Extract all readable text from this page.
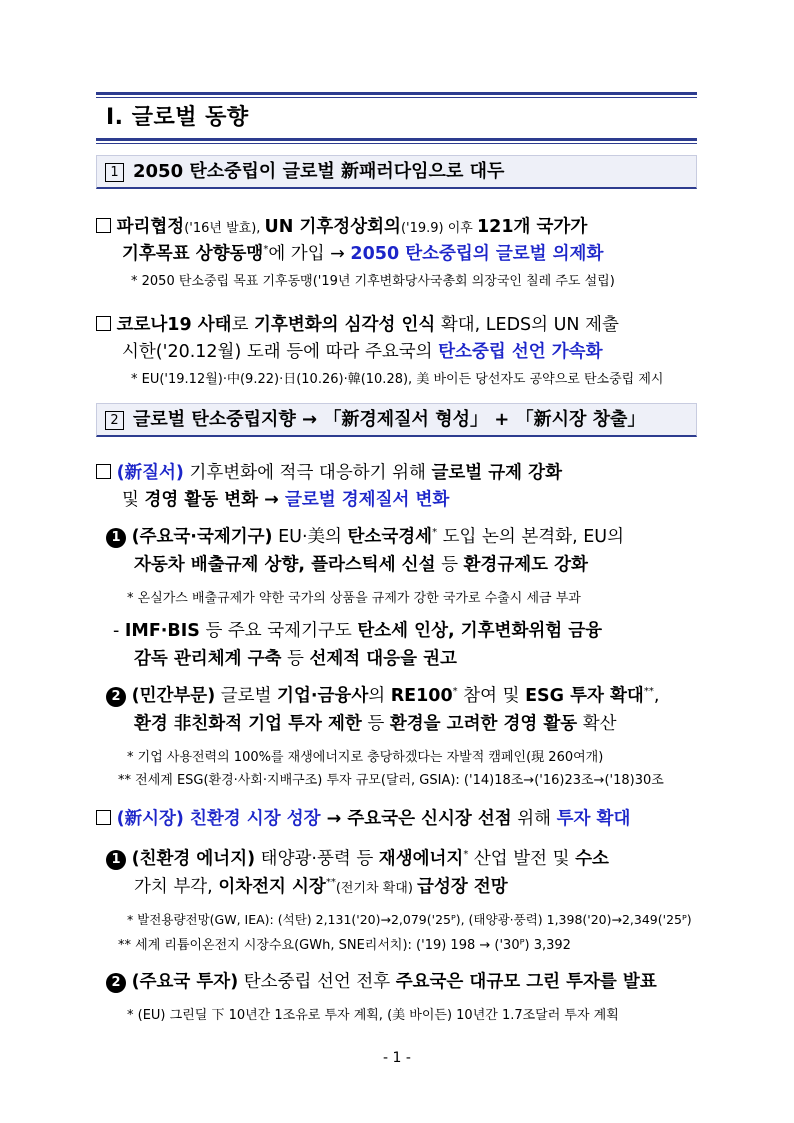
Ⅰ. 글로벌 동향
1 2050 탄소중립이 글로벌 新패러다임으로 대두
파리협정('16년 발효), UN 기후정상회의('19.9) 이후 121개 국가가
기후목표 상향동맹*에 가입 → 2050 탄소중립의 글로벌 의제화
* 2050 탄소중립 목표 기후동맹('19년 기후변화당사국총회 의장국인 칠레 주도 설립)
코로나19 사태로 기후변화의 심각성 인식 확대, LEDS의 UN 제출
시한('20.12월) 도래 등에 따라 주요국의 탄소중립 선언 가속화
* EU('19.12월)·中(9.22)·日(10.26)·韓(10.28), 美 바이든 당선자도 공약으로 탄소중립 제시
2 글로벌 탄소중립지향 → 「新경제질서 형성」 + 「新시장 창출」
(新질서) 기후변화에 적극 대응하기 위해 글로벌 규제 강화
및 경영 활동 변화 → 글로벌 경제질서 변화
1 (주요국·국제기구) EU·美의 탄소국경세* 도입 논의 본격화, EU의
자동차 배출규제 상향, 플라스틱세 신설 등 환경규제도 강화
* 온실가스 배출규제가 약한 국가의 상품을 규제가 강한 국가로 수출시 세금 부과
- IMF·BIS 등 주요 국제기구도 탄소세 인상, 기후변화위험 금융
감독 관리체계 구축 등 선제적 대응을 권고
2 (민간부문) 글로벌 기업·금융사의 RE100* 참여 및 ESG 투자 확대**,
환경 非친화적 기업 투자 제한 등 환경을 고려한 경영 활동 확산
* 기업 사용전력의 100%를 재생에너지로 충당하겠다는 자발적 캠페인(現 260여개)
** 전세계 ESG(환경·사회·지배구조) 투자 규모(달러, GSIA): ('14)18조→('16)23조→('18)30조
(新시장) 친환경 시장 성장 → 주요국은 신시장 선점 위해 투자 확대
1 (친환경 에너지) 태양광·풍력 등 재생에너지* 산업 발전 및 수소
가치 부각, 이차전지 시장**(전기차 확대) 급성장 전망
* 발전용량전망(GW, IEA): (석탄) 2,131('20)→2,079('25ᴾ), (태양광·풍력) 1,398('20)→2,349('25ᴾ)
** 세계 리튬이온전지 시장수요(GWh, SNE리서치): ('19) 198 → ('30ᴾ) 3,392
2 (주요국 투자) 탄소중립 선언 전후 주요국은 대규모 그린 투자를 발표
* (EU) 그린딜 下 10년간 1조유로 투자 계획, (美 바이든) 10년간 1.7조달러 투자 계획
- 1 -
